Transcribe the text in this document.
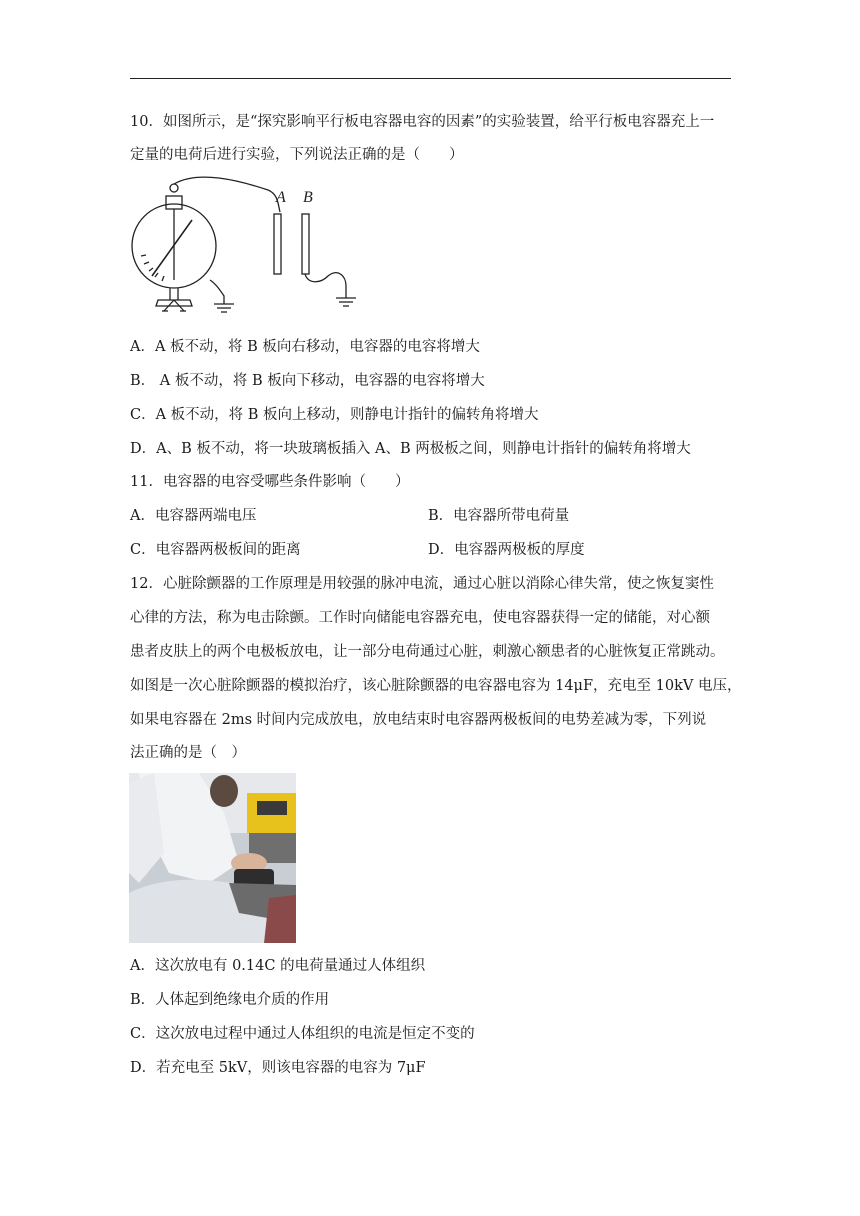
10．如图所示，是“探究影响平行板电容器电容的因素”的实验装置，给平行板电容器充上一
定量的电荷后进行实验，下列说法正确的是（　　）
A B
A．A 板不动，将 B 板向右移动，电容器的电容将增大
B． A 板不动，将 B 板向下移动，电容器的电容将增大
C．A 板不动，将 B 板向上移动，则静电计指针的偏转角将增大
D．A、B 板不动，将一块玻璃板插入 A、B 两极板之间，则静电计指针的偏转角将增大
11．电容器的电容受哪些条件影响（　　）
A．电容器两端电压	B．电容器所带电荷量
C．电容器两极板间的距离	D．电容器两极板的厚度
12．心脏除颤器的工作原理是用较强的脉冲电流，通过心脏以消除心律失常，使之恢复窦性
心律的方法，称为电击除颤。工作时向储能电容器充电，使电容器获得一定的储能，对心额
患者皮肤上的两个电极板放电，让一部分电荷通过心脏，刺激心额患者的心脏恢复正常跳动。
如图是一次心脏除颤器的模拟治疗，该心脏除颤器的电容器电容为 14μF，充电至 10kV 电压，
如果电容器在 2ms 时间内完成放电，放电结束时电容器两极板间的电势差减为零，下列说
法正确的是（　）
A．这次放电有 0.14C 的电荷量通过人体组织
B．人体起到绝缘电介质的作用
C．这次放电过程中通过人体组织的电流是恒定不变的
D．若充电至 5kV，则该电容器的电容为 7μF
